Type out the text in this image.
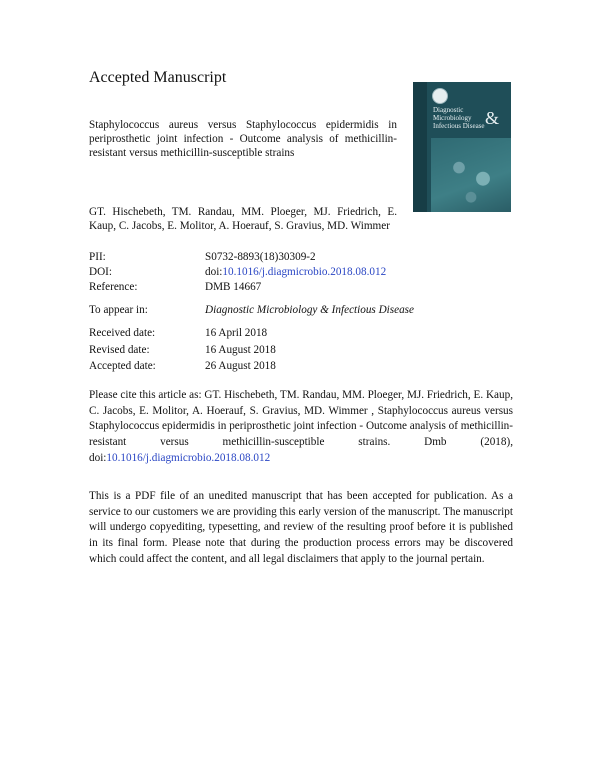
Accepted Manuscript
Staphylococcus aureus versus Staphylococcus epidermidis in periprosthetic joint infection - Outcome analysis of methicillin-resistant versus methicillin-susceptible strains
GT. Hischebeth, TM. Randau, MM. Ploeger, MJ. Friedrich, E. Kaup, C. Jacobs, E. Molitor, A. Hoerauf, S. Gravius, MD. Wimmer
Diagnostic
Microbiology
Infectious Disease &
PII:	S0732-8893(18)30309-2
DOI:	doi:10.1016/j.diagmicrobio.2018.08.012
Reference:	DMB 14667
To appear in:	Diagnostic Microbiology & Infectious Disease
Received date:	16 April 2018
Revised date:	16 August 2018
Accepted date:	26 August 2018
Please cite this article as: GT. Hischebeth, TM. Randau, MM. Ploeger, MJ. Friedrich, E. Kaup, C. Jacobs, E. Molitor, A. Hoerauf, S. Gravius, MD. Wimmer , Staphylococcus aureus versus Staphylococcus epidermidis in periprosthetic joint infection - Outcome analysis of methicillin-resistant versus methicillin-susceptible strains. Dmb (2018), doi:10.1016/j.diagmicrobio.2018.08.012
This is a PDF file of an unedited manuscript that has been accepted for publication. As a service to our customers we are providing this early version of the manuscript. The manuscript will undergo copyediting, typesetting, and review of the resulting proof before it is published in its final form. Please note that during the production process errors may be discovered which could affect the content, and all legal disclaimers that apply to the journal pertain.
